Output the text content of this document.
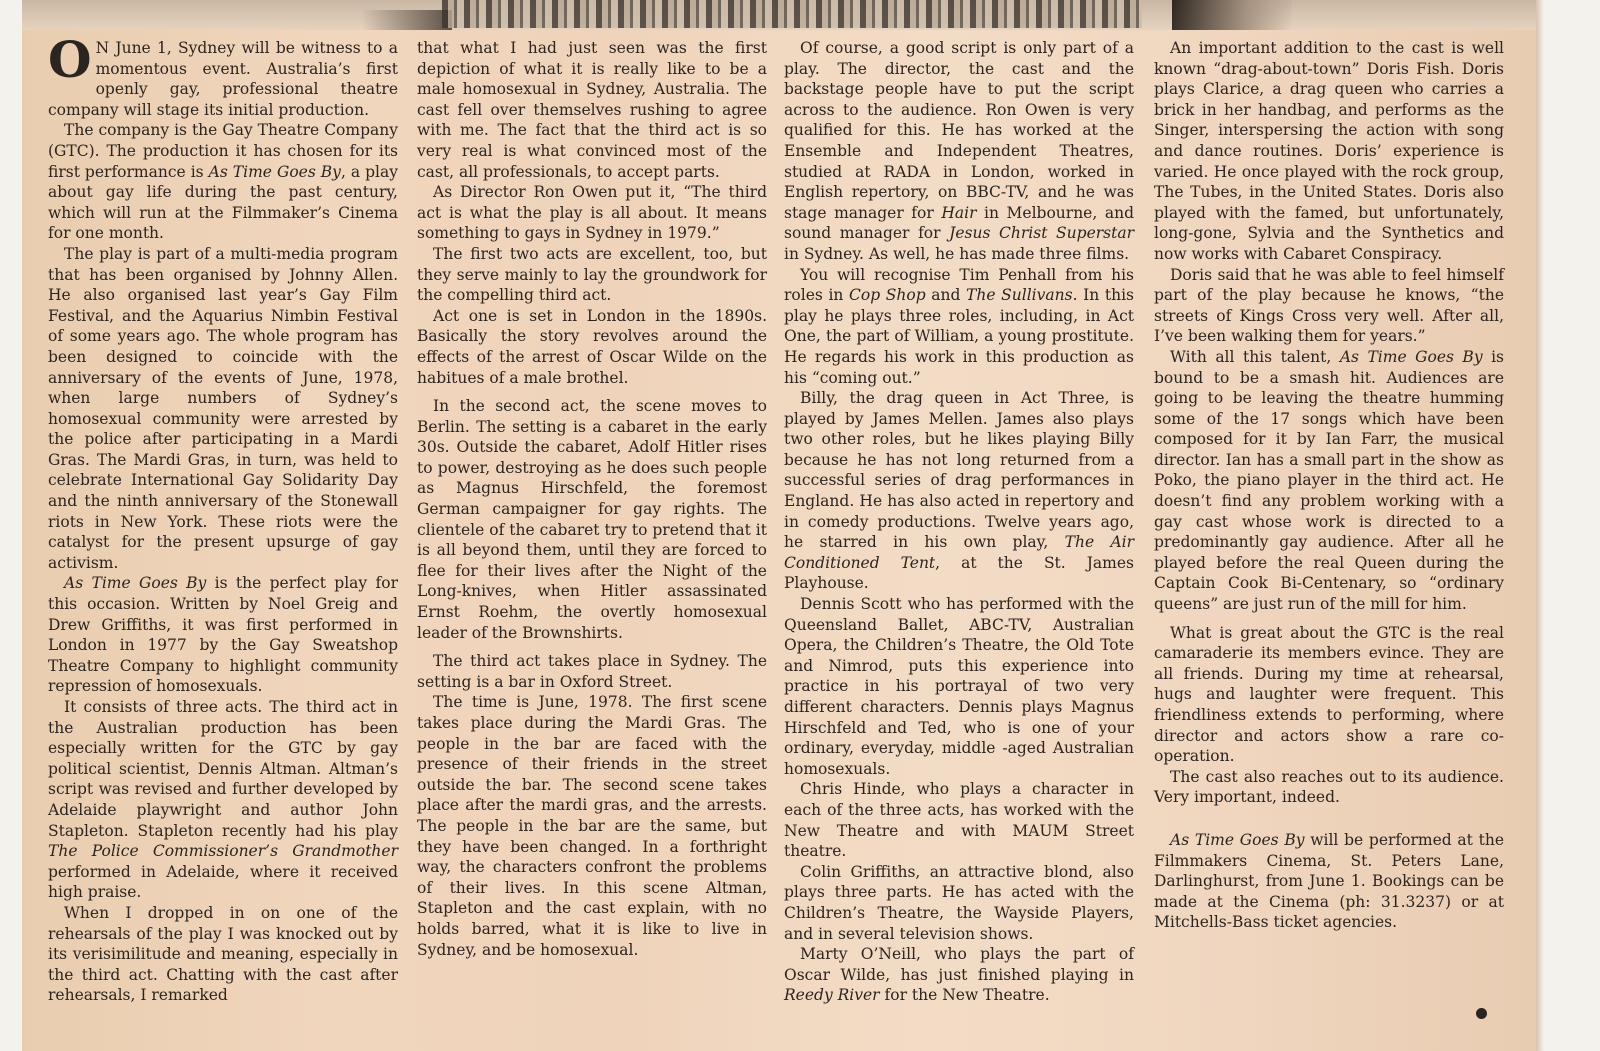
O N June 1, Sydney will be witness to a momentous event. Australia’s first openly gay, professional theatre company will stage its initial production.

The company is the Gay Theatre Company (GTC). The production it has chosen for its first performance is As Time Goes By, a play about gay life during the past century, which will run at the Filmmaker’s Cinema for one month.

The play is part of a multi-media program that has been organised by Johnny Allen. He also organised last year’s Gay Film Festival, and the Aquarius Nimbin Festival of some years ago. The whole program has been designed to coincide with the anniversary of the events of June, 1978, when large numbers of Sydney’s homosexual community were arrested by the police after participating in a Mardi Gras. The Mardi Gras, in turn, was held to celebrate International Gay Solidarity Day and the ninth anniversary of the Stonewall riots in New York. These riots were the catalyst for the present upsurge of gay activism.

As Time Goes By is the perfect play for this occasion. Written by Noel Greig and Drew Griffiths, it was first performed in London in 1977 by the Gay Sweatshop Theatre Company to highlight community repression of homosexuals.

It consists of three acts. The third act in the Australian production has been especially written for the GTC by gay political scientist, Dennis Altman. Altman’s script was revised and further developed by Adelaide playwright and author John Stapleton. Stapleton recently had his play The Police Commissioner’s Grandmother performed in Adelaide, where it received high praise.

When I dropped in on one of the rehearsals of the play I was knocked out by its verisimilitude and meaning, especially in the third act. Chatting with the cast after rehearsals, I remarked

that what I had just seen was the first depiction of what it is really like to be a male homosexual in Sydney, Australia. The cast fell over themselves rushing to agree with me. The fact that the third act is so very real is what convinced most of the cast, all professionals, to accept parts.

As Director Ron Owen put it, “The third act is what the play is all about. It means something to gays in Sydney in 1979.”

The first two acts are excellent, too, but they serve mainly to lay the groundwork for the compelling third act.

Act one is set in London in the 1890s. Basically the story revolves around the effects of the arrest of Oscar Wilde on the habitues of a male brothel.

In the second act, the scene moves to Berlin. The setting is a cabaret in the early 30s. Outside the cabaret, Adolf Hitler rises to power, destroying as he does such people as Magnus Hirschfeld, the foremost German campaigner for gay rights. The clientele of the cabaret try to pretend that it is all beyond them, until they are forced to flee for their lives after the Night of the Long-knives, when Hitler assassinated Ernst Roehm, the overtly homosexual leader of the Brownshirts.

The third act takes place in Sydney. The setting is a bar in Oxford Street.

The time is June, 1978. The first scene takes place during the Mardi Gras. The people in the bar are faced with the presence of their friends in the street outside the bar. The second scene takes place after the mardi gras, and the arrests. The people in the bar are the same, but they have been changed. In a forthright way, the characters confront the problems of their lives. In this scene Altman, Stapleton and the cast explain, with no holds barred, what it is like to live in Sydney, and be homosexual.

Of course, a good script is only part of a play. The director, the cast and the backstage people have to put the script across to the audience. Ron Owen is very qualified for this. He has worked at the Ensemble and Independent Theatres, studied at RADA in London, worked in English repertory, on BBC-TV, and he was stage manager for Hair in Melbourne, and sound manager for Jesus Christ Superstar in Sydney. As well, he has made three films.

You will recognise Tim Penhall from his roles in Cop Shop and The Sullivans. In this play he plays three roles, including, in Act One, the part of William, a young prostitute. He regards his work in this production as his “coming out.”

Billy, the drag queen in Act Three, is played by James Mellen. James also plays two other roles, but he likes playing Billy because he has not long returned from a successful series of drag performances in England. He has also acted in repertory and in comedy productions. Twelve years ago, he starred in his own play, The Air Conditioned Tent, at the St. James Playhouse.

Dennis Scott who has performed with the Queensland Ballet, ABC-TV, Australian Opera, the Children’s Theatre, the Old Tote and Nimrod, puts this experience into practice in his portrayal of two very different characters. Dennis plays Magnus Hirschfeld and Ted, who is one of your ordinary, everyday, middle -aged Australian homosexuals.

Chris Hinde, who plays a character in each of the three acts, has worked with the New Theatre and with MAUM Street theatre.

Colin Griffiths, an attractive blond, also plays three parts. He has acted with the Children’s Theatre, the Wayside Players, and in several television shows.

Marty O’Neill, who plays the part of Oscar Wilde, has just finished playing in Reedy River for the New Theatre.

An important addition to the cast is well known “drag-about-town” Doris Fish. Doris plays Clarice, a drag queen who carries a brick in her handbag, and performs as the Singer, interspersing the action with song and dance routines. Doris’ experience is varied. He once played with the rock group, The Tubes, in the United States. Doris also played with the famed, but unfortunately, long-gone, Sylvia and the Synthetics and now works with Cabaret Conspiracy.

Doris said that he was able to feel himself part of the play because he knows, “the streets of Kings Cross very well. After all, I’ve been walking them for years.”

With all this talent, As Time Goes By is bound to be a smash hit. Audiences are going to be leaving the theatre humming some of the 17 songs which have been composed for it by Ian Farr, the musical director. Ian has a small part in the show as Poko, the piano player in the third act. He doesn’t find any problem working with a gay cast whose work is directed to a predominantly gay audience. After all he played before the real Queen during the Captain Cook Bi-Centenary, so “ordinary queens” are just run of the mill for him.

What is great about the GTC is the real camaraderie its members evince. They are all friends. During my time at rehearsal, hugs and laughter were frequent. This friendliness extends to performing, where director and actors show a rare co-operation.

The cast also reaches out to its audience. Very important, indeed.

As Time Goes By will be performed at the Filmmakers Cinema, St. Peters Lane, Darlinghurst, from June 1. Bookings can be made at the Cinema (ph: 31.3237) or at Mitchells-Bass ticket agencies.
